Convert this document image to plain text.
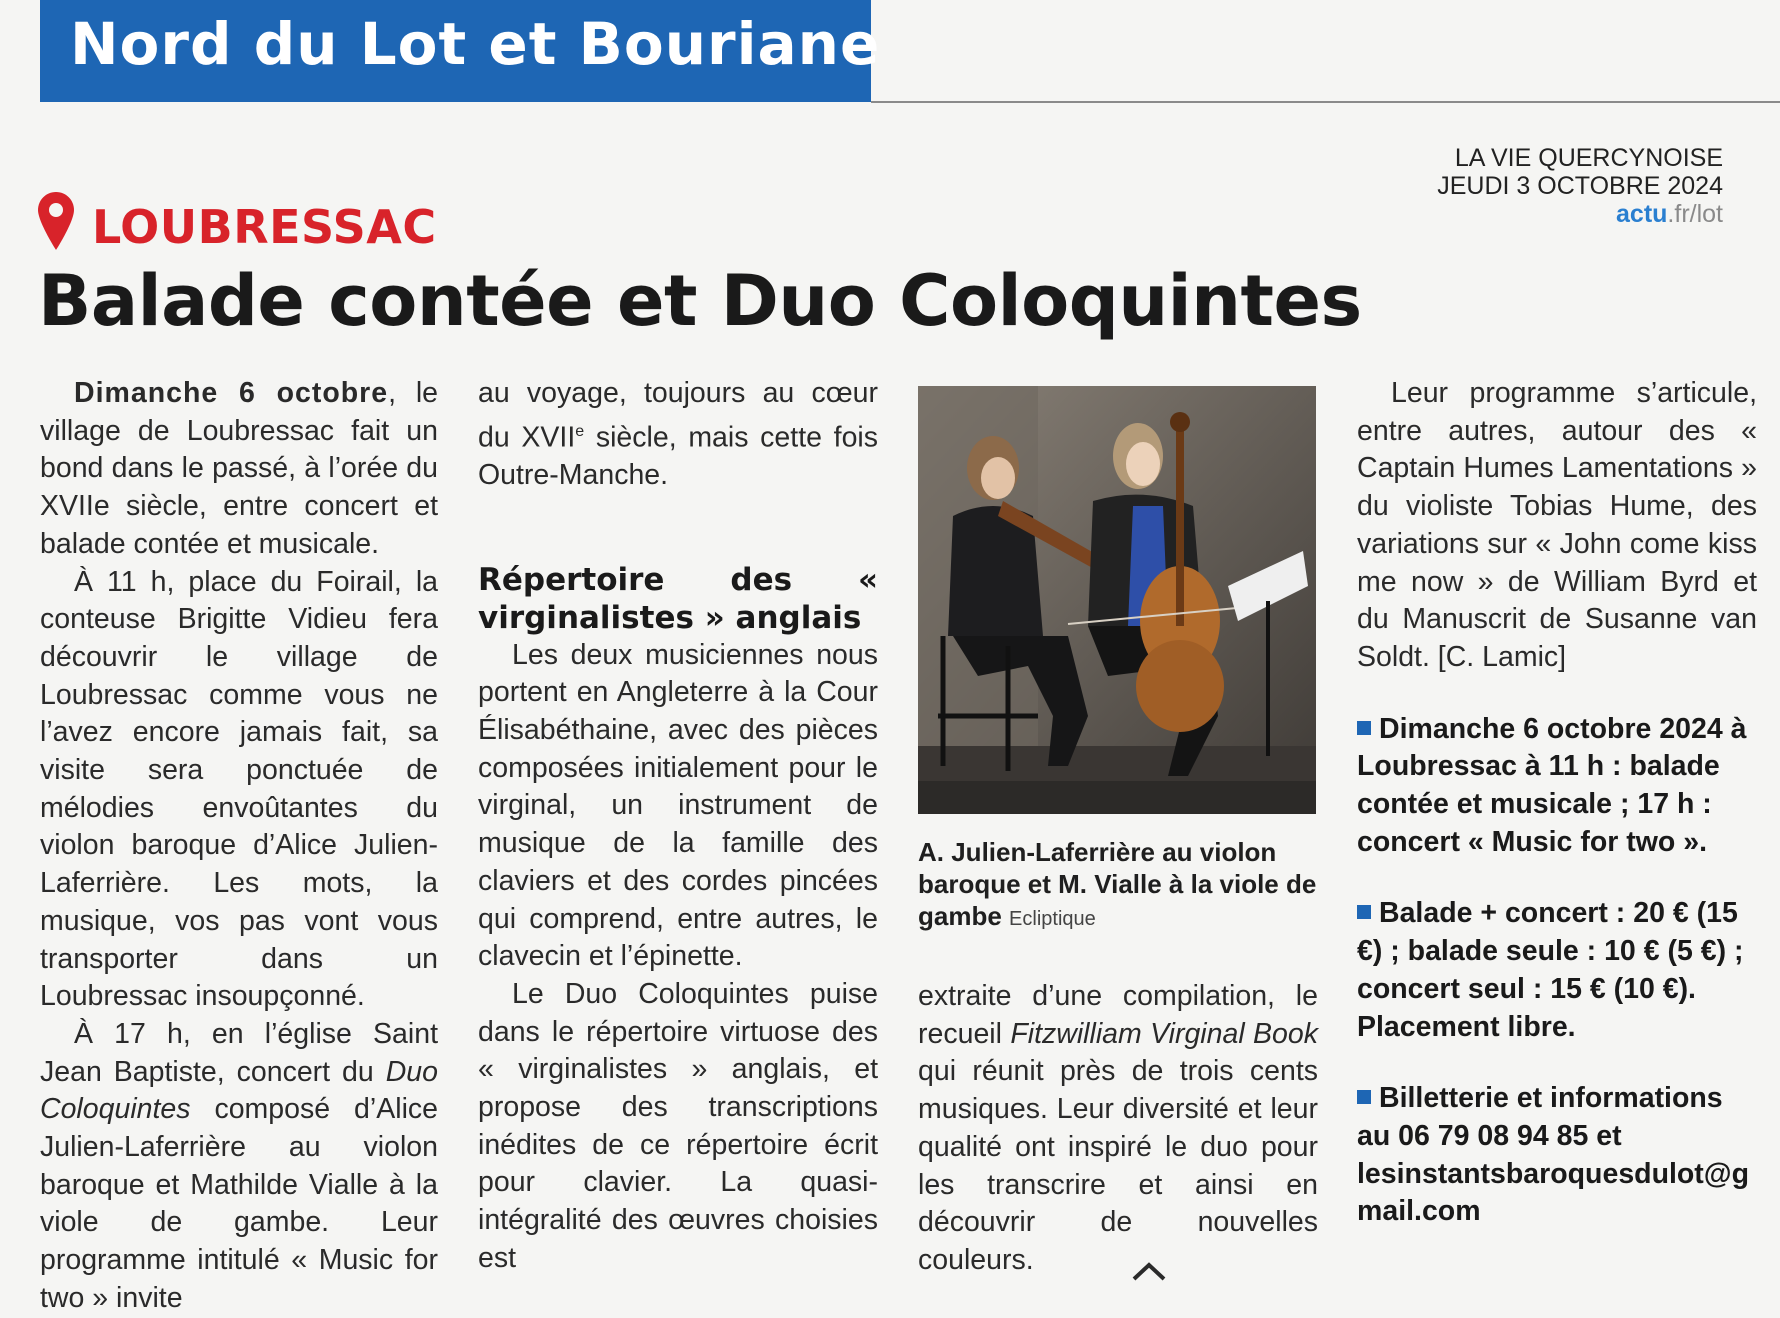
Nord du Lot et Bouriane
LA VIE QUERCYNOISE
JEUDI 3 OCTOBRE 2024
actu.fr/lot
LOUBRESSAC
Balade contée et Duo Coloquintes

Dimanche 6 octobre, le village de Loubressac fait un bond dans le passé, à l’orée du XVIIe siècle, entre concert et balade contée et musicale.

À 11 h, place du Foirail, la conteuse Brigitte Vidieu fera découvrir le village de Loubressac comme vous ne l’avez encore jamais fait, sa visite sera ponctuée de mélodies envoûtantes du violon baroque d’Alice Julien-Laferrière. Les mots, la musique, vos pas vont vous transporter dans un Loubressac insoupçonné.

À 17 h, en l’église Saint Jean Baptiste, concert du Duo Coloquintes composé d’Alice Julien-Laferrière au violon baroque et Mathilde Vialle à la viole de gambe. Leur programme intitulé « Music for two » invite

au voyage, toujours au cœur du XVIIe siècle, mais cette fois Outre-Manche.

Répertoire des « virginalistes » anglais

Les deux musiciennes nous portent en Angleterre à la Cour Élisabéthaine, avec des pièces composées initialement pour le virginal, un instrument de musique de la famille des claviers et des cordes pincées qui comprend, entre autres, le clavecin et l’épinette.

Le Duo Coloquintes puise dans le répertoire virtuose des « virginalistes » anglais, et propose des transcriptions inédites de ce répertoire écrit pour clavier. La quasi-intégralité des œuvres choisies est

A. Julien-Laferrière au violon baroque et M. Vialle à la viole de gambe Ecliptique

extraite d’une compilation, le recueil Fitzwilliam Virginal Book qui réunit près de trois cents musiques. Leur diversité et leur qualité ont inspiré le duo pour les transcrire et ainsi en découvrir de nouvelles couleurs.

Leur programme s’articule, entre autres, autour des « Captain Humes Lamentations » du violiste Tobias Hume, des variations sur « John come kiss me now » de William Byrd et du Manuscrit de Susanne van Soldt. [C. Lamic]

Dimanche 6 octobre 2024 à Loubressac à 11 h : balade contée et musicale ; 17 h : concert « Music for two ».

Balade + concert : 20 € (15 €) ; balade seule : 10 € (5 €) ; concert seul : 15 € (10 €). Placement libre.

Billetterie et informations au 06 79 08 94 85 et lesinstantsbaroquesdulot@gmail.com
